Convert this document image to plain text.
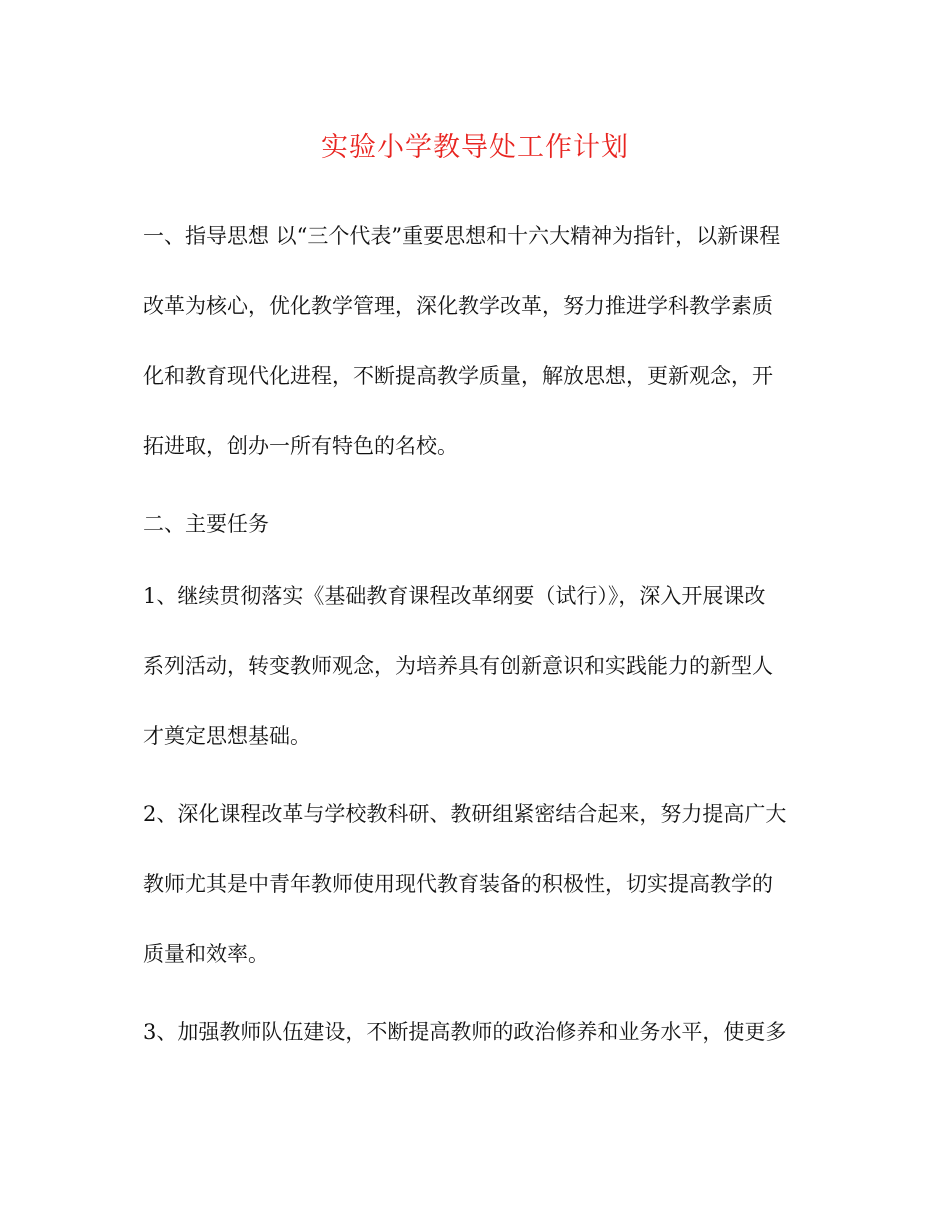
实验小学教导处工作计划

一、指导思想 以“三个代表”重要思想和十六大精神为指针，以新课程

改革为核心，优化教学管理，深化教学改革，努力推进学科教学素质

化和教育现代化进程，不断提高教学质量，解放思想，更新观念，开

拓进取，创办一所有特色的名校。

二、主要任务

1、继续贯彻落实《基础教育课程改革纲要（试行）》，深入开展课改

系列活动，转变教师观念，为培养具有创新意识和实践能力的新型人

才奠定思想基础。

2、深化课程改革与学校教科研、教研组紧密结合起来，努力提高广大

教师尤其是中青年教师使用现代教育装备的积极性，切实提高教学的

质量和效率。

3、加强教师队伍建设，不断提高教师的政治修养和业务水平，使更多
